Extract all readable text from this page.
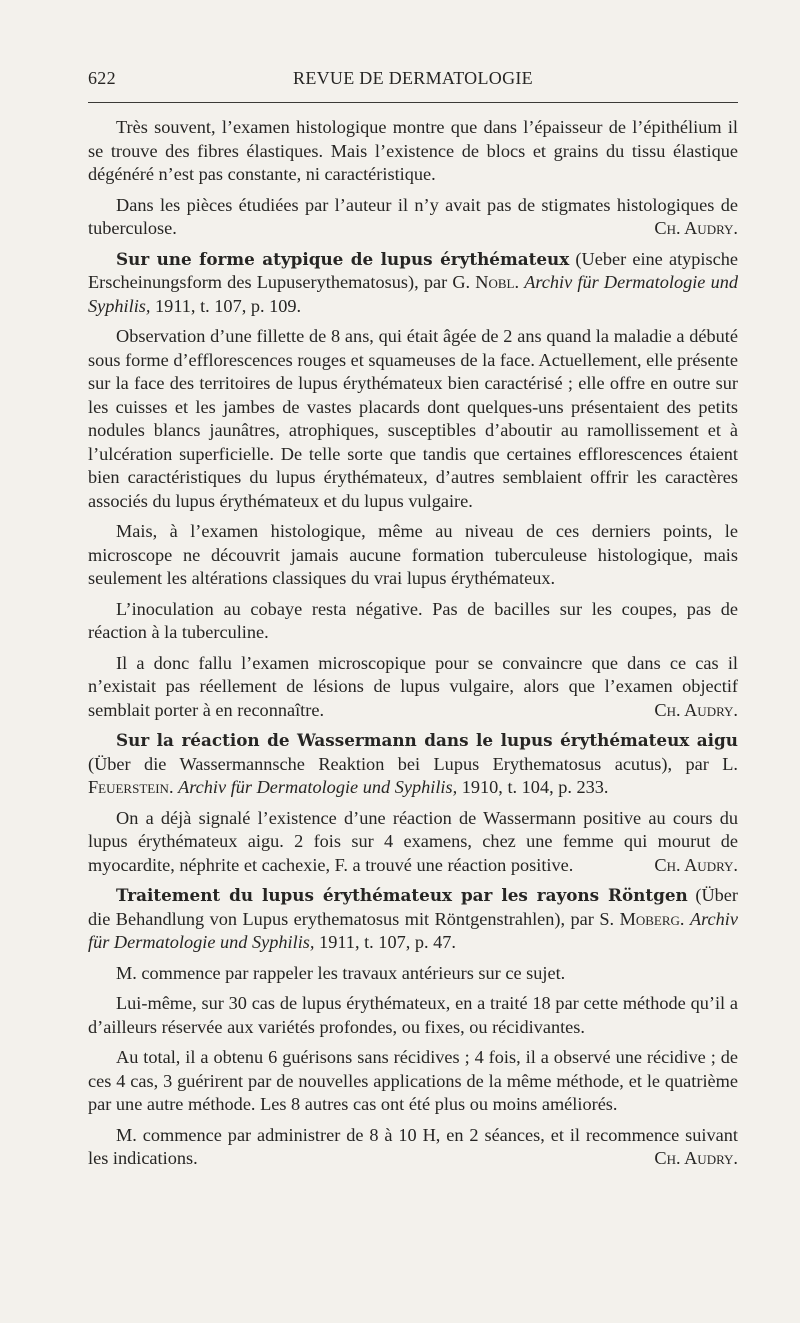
622	REVUE DE DERMATOLOGIE

Très souvent, l’examen histologique montre que dans l’épaisseur de l’épithélium il se trouve des fibres élastiques. Mais l’existence de blocs et grains du tissu élastique dégénéré n’est pas constante, ni caractéristique.

Dans les pièces étudiées par l’auteur il n’y avait pas de stigmates histologiques de tuberculose.	Ch. Audry.

Sur une forme atypique de lupus érythémateux (Ueber eine atypische Erscheinungsform des Lupuserythematosus), par G. Nobl. Archiv für Dermatologie und Syphilis, 1911, t. 107, p. 109.

Observation d’une fillette de 8 ans, qui était âgée de 2 ans quand la maladie a débuté sous forme d’efflorescences rouges et squameuses de la face. Actuellement, elle présente sur la face des territoires de lupus érythémateux bien caractérisé ; elle offre en outre sur les cuisses et les jambes de vastes placards dont quelques-uns présentaient des petits nodules blancs jaunâtres, atrophiques, susceptibles d’aboutir au ramollissement et à l’ulcération superficielle. De telle sorte que tandis que certaines efflorescences étaient bien caractéristiques du lupus érythémateux, d’autres semblaient offrir les caractères associés du lupus érythémateux et du lupus vulgaire.

Mais, à l’examen histologique, même au niveau de ces derniers points, le microscope ne découvrit jamais aucune formation tuberculeuse histologique, mais seulement les altérations classiques du vrai lupus érythémateux.

L’inoculation au cobaye resta négative. Pas de bacilles sur les coupes, pas de réaction à la tuberculine.

Il a donc fallu l’examen microscopique pour se convaincre que dans ce cas il n’existait pas réellement de lésions de lupus vulgaire, alors que l’examen objectif semblait porter à en reconnaître.	Ch. Audry.

Sur la réaction de Wassermann dans le lupus érythémateux aigu (Über die Wassermannsche Reaktion bei Lupus Erythematosus acutus), par L. Feuerstein. Archiv für Dermatologie und Syphilis, 1910, t. 104, p. 233.

On a déjà signalé l’existence d’une réaction de Wassermann positive au cours du lupus érythémateux aigu. 2 fois sur 4 examens, chez une femme qui mourut de myocardite, néphrite et cachexie, F. a trouvé une réaction positive.	Ch. Audry.

Traitement du lupus érythémateux par les rayons Röntgen (Über die Behandlung von Lupus erythematosus mit Röntgenstrahlen), par S. Moberg. Archiv für Dermatologie und Syphilis, 1911, t. 107, p. 47.

M. commence par rappeler les travaux antérieurs sur ce sujet.

Lui-même, sur 30 cas de lupus érythémateux, en a traité 18 par cette méthode qu’il a d’ailleurs réservée aux variétés profondes, ou fixes, ou récidivantes.

Au total, il a obtenu 6 guérisons sans récidives ; 4 fois, il a observé une récidive ; de ces 4 cas, 3 guérirent par de nouvelles applications de la même méthode, et le quatrième par une autre méthode. Les 8 autres cas ont été plus ou moins améliorés.

M. commence par administrer de 8 à 10 H, en 2 séances, et il recommence suivant les indications.	Ch. Audry.
